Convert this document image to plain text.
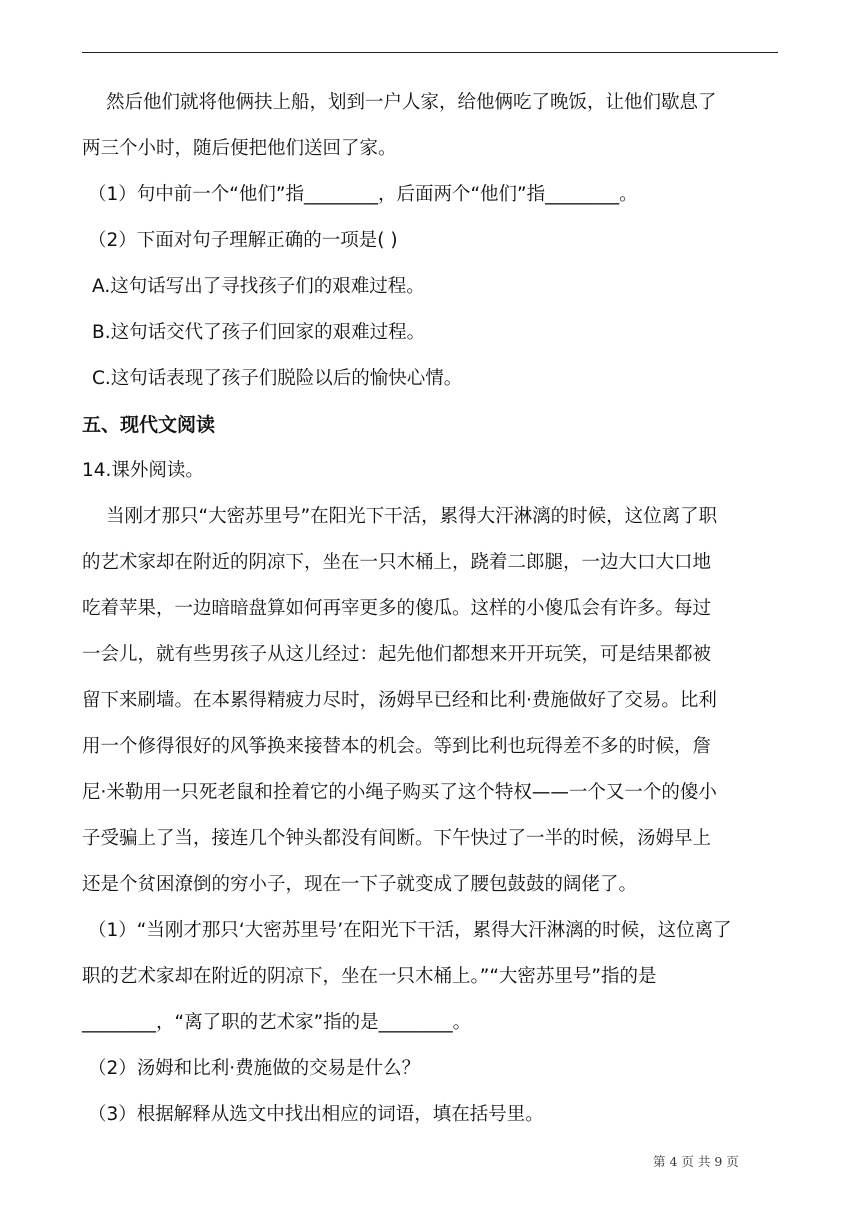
然后他们就将他俩扶上船，划到一户人家，给他俩吃了晚饭，让他们歇息了
两三个小时，随后便把他们送回了家。
（1）句中前一个“他们”指________，后面两个“他们”指________。
（2）下面对句子理解正确的一项是( )
A.这句话写出了寻找孩子们的艰难过程。
B.这句话交代了孩子们回家的艰难过程。
C.这句话表现了孩子们脱险以后的愉快心情。
五、现代文阅读
14.课外阅读。
当刚才那只“大密苏里号”在阳光下干活，累得大汗淋漓的时候，这位离了职
的艺术家却在附近的阴凉下，坐在一只木桶上，跷着二郎腿，一边大口大口地
吃着苹果，一边暗暗盘算如何再宰更多的傻瓜。这样的小傻瓜会有许多。每过
一会儿，就有些男孩子从这儿经过：起先他们都想来开开玩笑，可是结果都被
留下来刷墙。在本累得精疲力尽时，汤姆早已经和比利·费施做好了交易。比利
用一个修得很好的风筝换来接替本的机会。等到比利也玩得差不多的时候，詹
尼·米勒用一只死老鼠和拴着它的小绳子购买了这个特权——一个又一个的傻小
子受骗上了当，接连几个钟头都没有间断。下午快过了一半的时候，汤姆早上
还是个贫困潦倒的穷小子，现在一下子就变成了腰包鼓鼓的阔佬了。
（1）“当刚才那只‘大密苏里号’在阳光下干活，累得大汗淋漓的时候，这位离了
职的艺术家却在附近的阴凉下，坐在一只木桶上。”“大密苏里号”指的是
________，“离了职的艺术家”指的是________。
（2）汤姆和比利·费施做的交易是什么？
（3）根据解释从选文中找出相应的词语，填在括号里。
第 4 页 共 9 页
